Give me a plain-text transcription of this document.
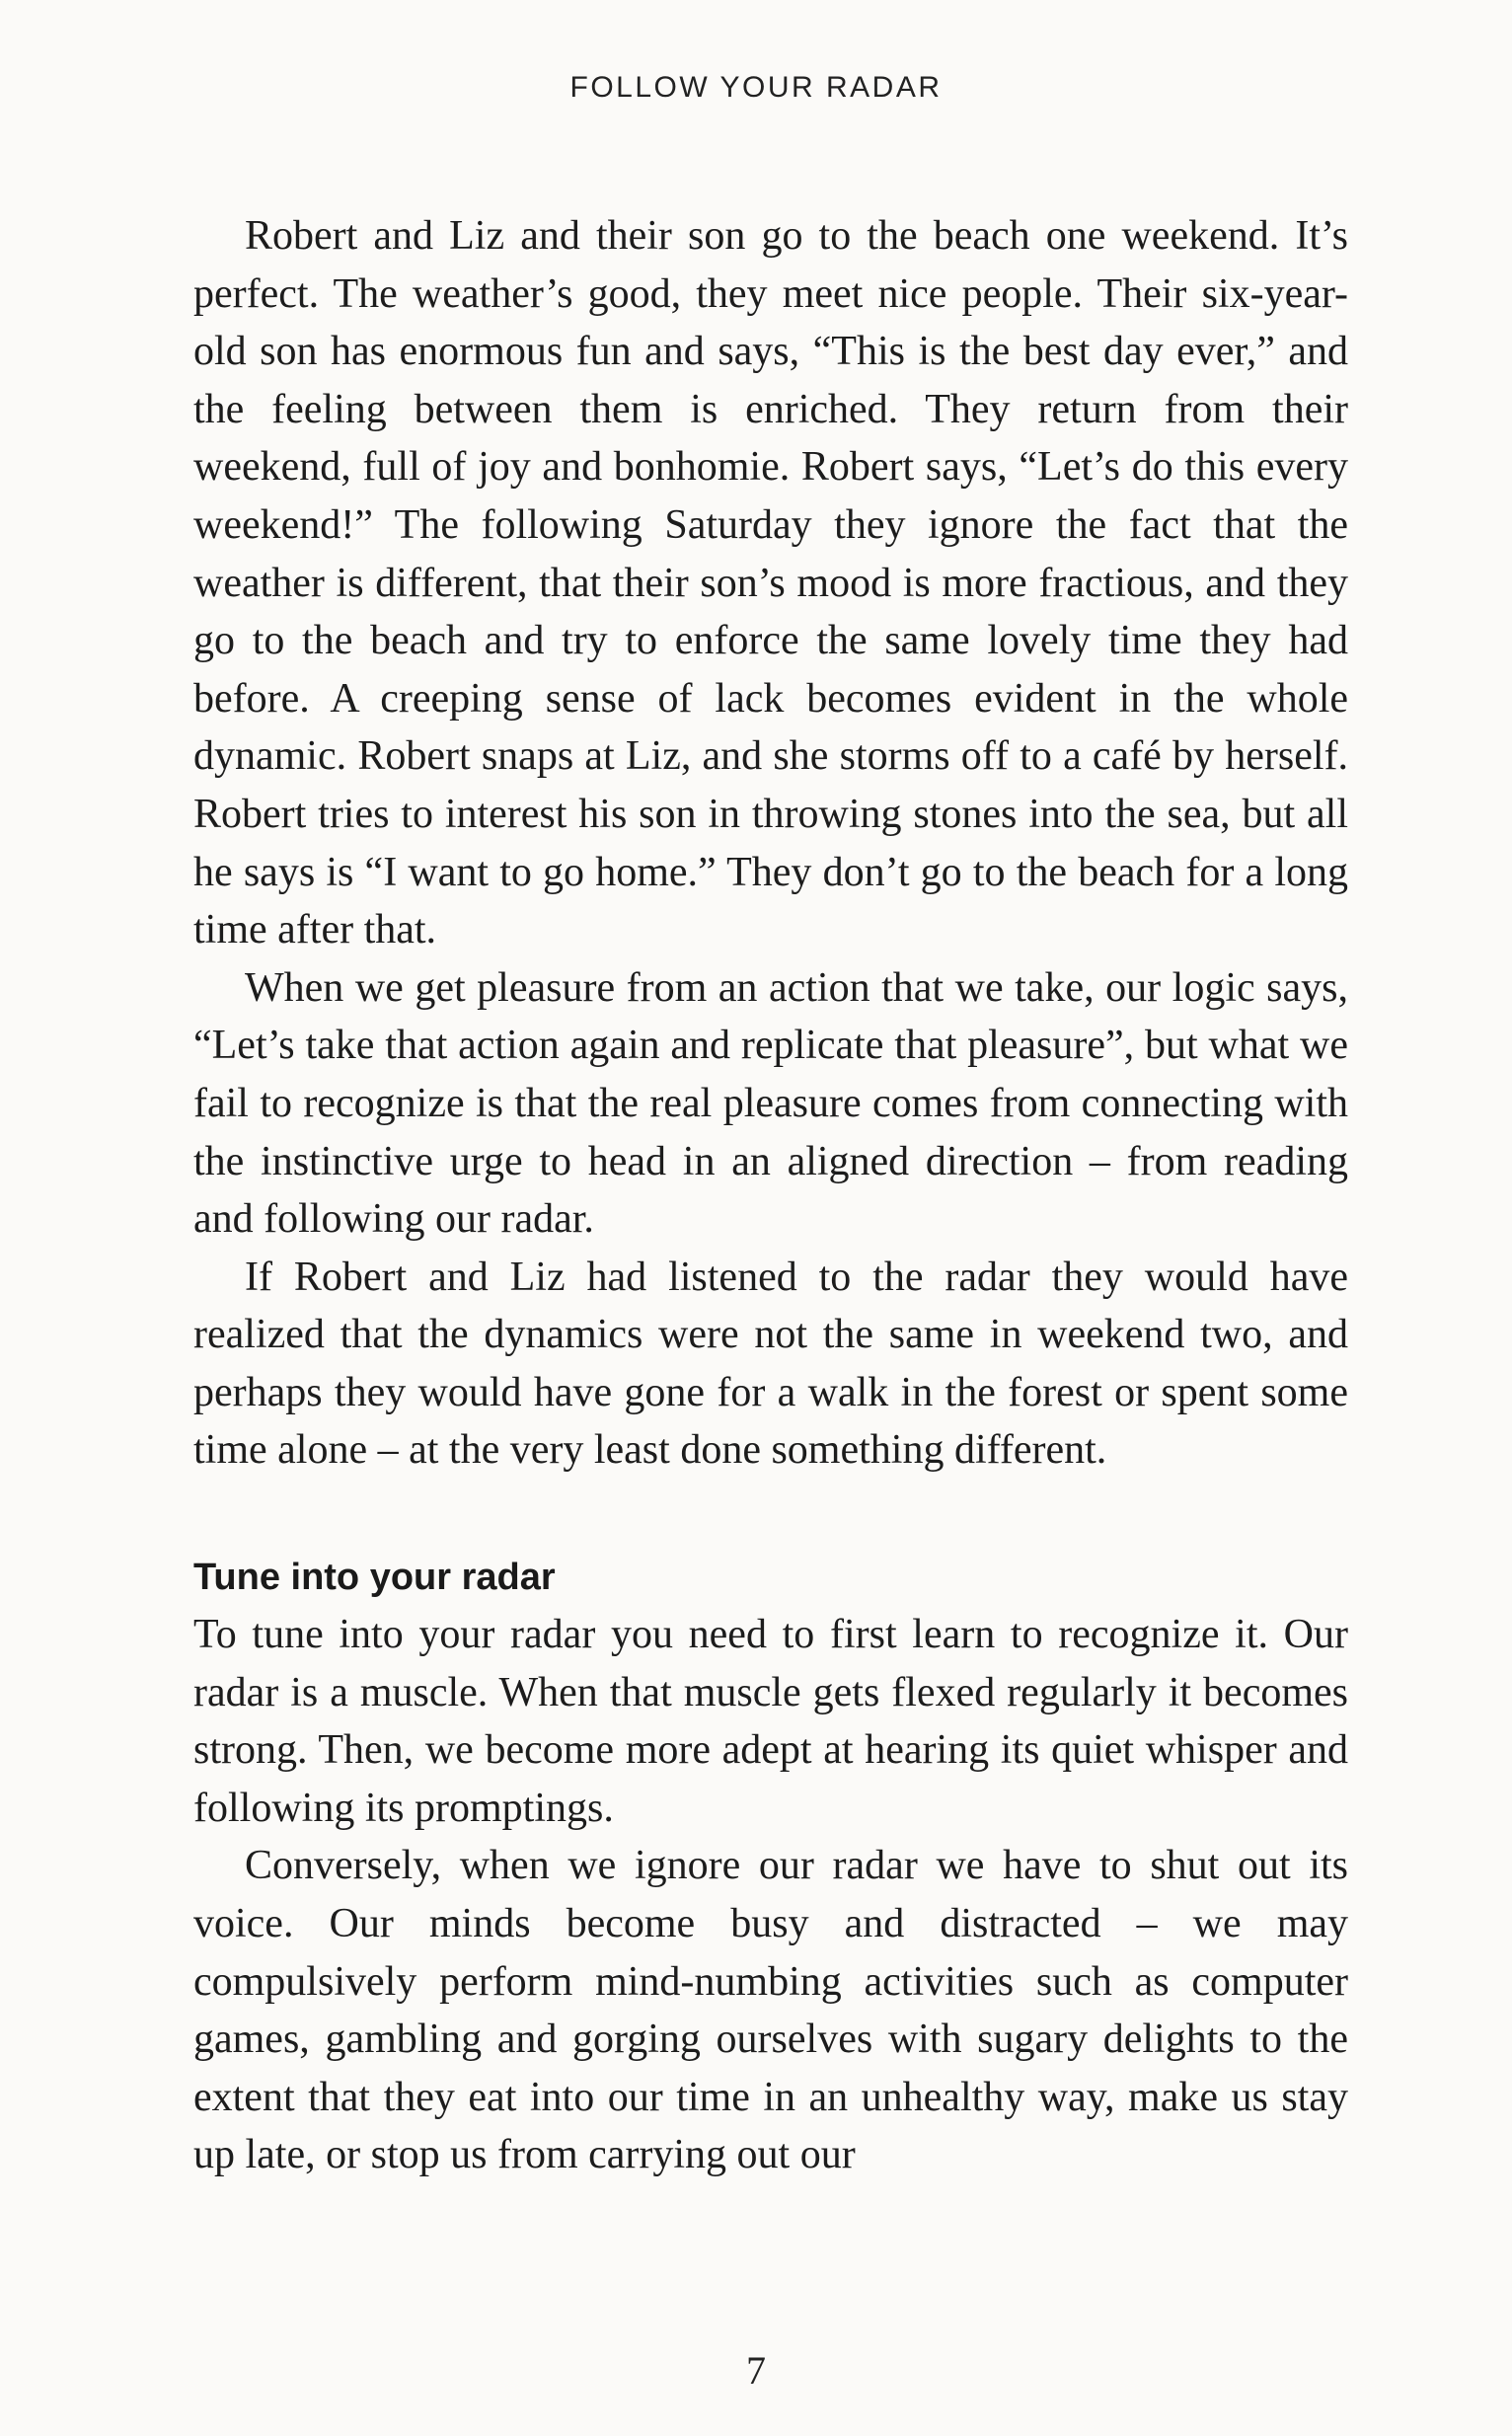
FOLLOW YOUR RADAR

Robert and Liz and their son go to the beach one weekend. It’s perfect. The weather’s good, they meet nice people. Their six-year-old son has enormous fun and says, “This is the best day ever,” and the feeling between them is enriched. They return from their weekend, full of joy and bonhomie. Robert says, “Let’s do this every weekend!” The following Saturday they ignore the fact that the weather is different, that their son’s mood is more fractious, and they go to the beach and try to enforce the same lovely time they had before. A creeping sense of lack becomes evident in the whole dynamic. Robert snaps at Liz, and she storms off to a café by herself. Robert tries to interest his son in throwing stones into the sea, but all he says is “I want to go home.” They don’t go to the beach for a long time after that.

When we get pleasure from an action that we take, our logic says, “Let’s take that action again and replicate that pleasure”, but what we fail to recognize is that the real pleasure comes from connecting with the instinctive urge to head in an aligned direction – from reading and following our radar.

If Robert and Liz had listened to the radar they would have realized that the dynamics were not the same in weekend two, and perhaps they would have gone for a walk in the forest or spent some time alone – at the very least done something different.

Tune into your radar

To tune into your radar you need to first learn to recognize it. Our radar is a muscle. When that muscle gets flexed regularly it becomes strong. Then, we become more adept at hearing its quiet whisper and following its promptings.

Conversely, when we ignore our radar we have to shut out its voice. Our minds become busy and distracted – we may compulsively perform mind-numbing activities such as computer games, gambling and gorging ourselves with sugary delights to the extent that they eat into our time in an unhealthy way, make us stay up late, or stop us from carrying out our

7
